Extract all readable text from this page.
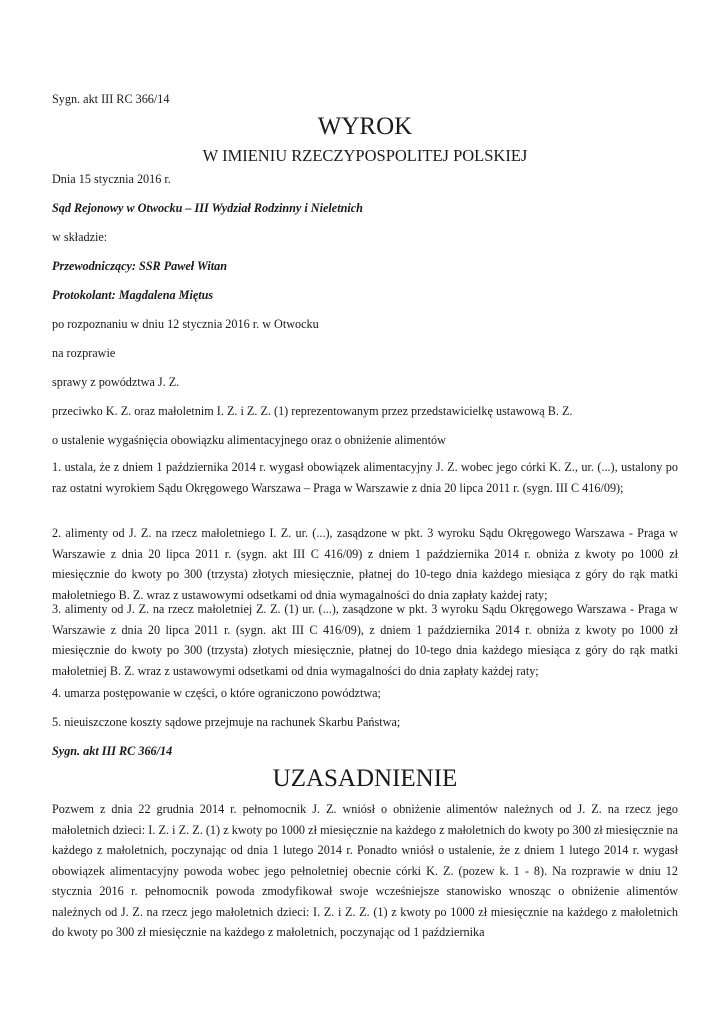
Sygn. akt III RC 366/14
WYROK
W IMIENIU RZECZYPOSPOLITEJ POLSKIEJ
Dnia 15 stycznia 2016 r.
Sąd Rejonowy w Otwocku – III Wydział Rodzinny i Nieletnich
w składzie:
Przewodniczący: SSR Paweł Witan
Protokolant: Magdalena Miętus
po rozpoznaniu w dniu 12 stycznia 2016 r. w Otwocku
na rozprawie
sprawy z powództwa J. Z.
przeciwko K. Z. oraz małoletnim I. Z. i Z. Z. (1) reprezentowanym przez przedstawicielkę ustawową B. Z.
o ustalenie wygaśnięcia obowiązku alimentacyjnego oraz o obniżenie alimentów
1. ustala, że z dniem 1 października 2014 r. wygasł obowiązek alimentacyjny J. Z. wobec jego córki K. Z., ur. (...), ustalony po raz ostatni wyrokiem Sądu Okręgowego Warszawa – Praga w Warszawie z dnia 20 lipca 2011 r. (sygn. III C 416/09);
2. alimenty od J. Z. na rzecz małoletniego I. Z. ur. (...), zasądzone w pkt. 3 wyroku Sądu Okręgowego Warszawa - Praga w Warszawie z dnia 20 lipca 2011 r. (sygn. akt III C 416/09) z dniem 1 października 2014 r. obniża z kwoty po 1000 zł miesięcznie do kwoty po 300 (trzysta) złotych miesięcznie, płatnej do 10-tego dnia każdego miesiąca z góry do rąk matki małoletniego B. Z. wraz z ustawowymi odsetkami od dnia wymagalności do dnia zapłaty każdej raty;
3. alimenty od J. Z. na rzecz małoletniej Z. Z. (1) ur. (...), zasądzone w pkt. 3 wyroku Sądu Okręgowego Warszawa - Praga w Warszawie z dnia 20 lipca 2011 r. (sygn. akt III C 416/09), z dniem 1 października 2014 r. obniża z kwoty po 1000 zł miesięcznie do kwoty po 300 (trzysta) złotych miesięcznie, płatnej do 10-tego dnia każdego miesiąca z góry do rąk matki małoletniej B. Z. wraz z ustawowymi odsetkami od dnia wymagalności do dnia zapłaty każdej raty;
4. umarza postępowanie w części, o które ograniczono powództwa;
5. nieuiszczone koszty sądowe przejmuje na rachunek Skarbu Państwa;
Sygn. akt III RC 366/14
UZASADNIENIE
Pozwem z dnia 22 grudnia 2014 r. pełnomocnik J. Z. wniósł o obniżenie alimentów należnych od J. Z. na rzecz jego małoletnich dzieci: I. Z. i Z. Z. (1) z kwoty po 1000 zł miesięcznie na każdego z małoletnich do kwoty po 300 zł miesięcznie na każdego z małoletnich, poczynając od dnia 1 lutego 2014 r. Ponadto wniósł o ustalenie, że z dniem 1 lutego 2014 r. wygasł obowiązek alimentacyjny powoda wobec jego pełnoletniej obecnie córki K. Z. (pozew k. 1 - 8). Na rozprawie w dniu 12 stycznia 2016 r. pełnomocnik powoda zmodyfikował swoje wcześniejsze stanowisko wnosząc o obniżenie alimentów należnych od J. Z. na rzecz jego małoletnich dzieci: I. Z. i Z. Z. (1) z kwoty po 1000 zł miesięcznie na każdego z małoletnich do kwoty po 300 zł miesięcznie na każdego z małoletnich, poczynając od 1 października
